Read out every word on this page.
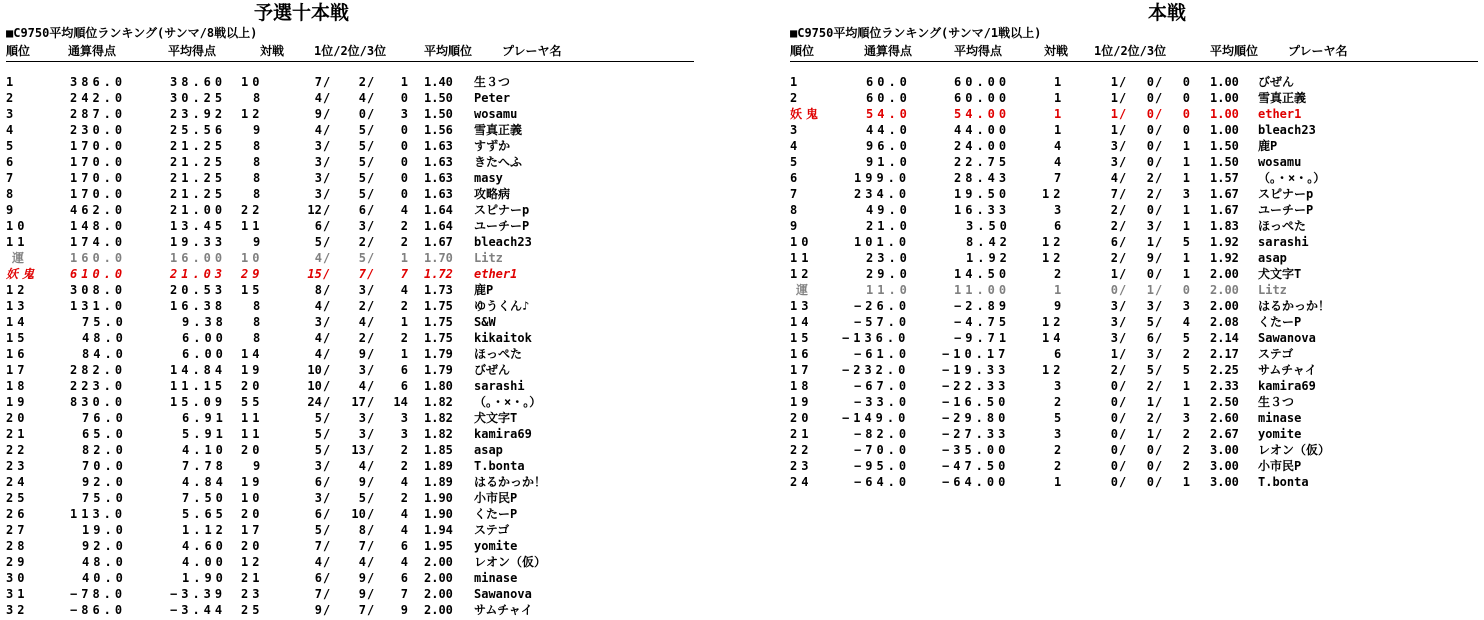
予選十本戦
■C9750平均順位ランキング(サンマ/8戦以上)
順位	通算得点	平均得点	対戦 1位/2位/3位	平均順位 プレーヤ名
1	386.0	38.60 10	7 / 2 / 1 1.40 生３つ
2	242.0	30.25 8	4 / 4 / 0 1.50 Peter
3	287.0	23.92 12	9 / 0 / 3 1.50 wosamu
4	230.0	25.56 9	4 / 5 / 0 1.56 雪真正義
5	170.0	21.25 8	3 / 5 / 0 1.63 すずか
6	170.0	21.25 8	3 / 5 / 0 1.63 きたへふ
7	170.0	21.25 8	3 / 5 / 0 1.63 masy
8	170.0	21.25 8	3 / 5 / 0 1.63 攻略病
9	462.0	21.00 22	12 / 6 / 4 1.64 スピナーp
10	148.0	13.45 11	6 / 3 / 2 1.64 ユーチーP
11	174.0	19.33 9	5 / 2 / 2 1.67 bleach23
運	160.0	16.00 10	4 / 5 / 1 1.70 Litz
妖鬼	610.0	21.03 29	15 / 7 / 7 1.72 ether1
12	308.0	20.53 15	8 / 3 / 4 1.73 鹿P
13	131.0	16.38 8	4 / 2 / 2 1.75 ゆうくん♪
14	75.0	9.38 8	3 / 4 / 1 1.75 S&W
15	48.0	6.00 8	4 / 2 / 2 1.75 kikaitok
16	84.0	6.00 14	4 / 9 / 1 1.79 ほっぺた
17	282.0	14.84 19	10 / 3 / 6 1.79 びぜん
18	223.0	11.15 20	10 / 4 / 6 1.80 sarashi
19	830.0	15.09 55	24 / 17 / 14 1.82 （。・×・。）
20	76.0	6.91 11	5 / 3 / 3 1.82 犬文字T
21	65.0	5.91 11	5 / 3 / 3 1.82 kamira69
22	82.0	4.10 20	5 / 13 / 2 1.85 asap
23	70.0	7.78 9	3 / 4 / 2 1.89 T.bonta
24	92.0	4.84 19	6 / 9 / 4 1.89 はるかっか！
25	75.0	7.50 10	3 / 5 / 2 1.90 小市民P
26	113.0	5.65 20	6 / 10 / 4 1.90 くたーP
27	19.0	1.12 17	5 / 8 / 4 1.94 ステゴ
28	92.0	4.60 20	7 / 7 / 6 1.95 yomite
29	48.0	4.00 12	4 / 4 / 4 2.00 レオン（仮）
30	40.0	1.90 21	6 / 9 / 6 2.00 minase
31	−78.0	−3.39 23	7 / 9 / 7 2.00 Sawanova
32	−86.0	−3.44 25	9 / 7 / 9 2.00 サムチャイ
本戦
■C9750平均順位ランキング(サンマ/1戦以上)
順位	通算得点	平均得点	対戦 1位/2位/3位	平均順位 プレーヤ名
1	60.0	60.00	1	1 / 0 / 0 1.00 びぜん
2	60.0	60.00	1	1 / 0 / 0 1.00 雪真正義
妖鬼	54.0	54.00	1	1 / 0 / 0 1.00 ether1
3	44.0	44.00	1	1 / 0 / 0 1.00 bleach23
4	96.0	24.00	4	3 / 0 / 1 1.50 鹿P
5	91.0	22.75	4	3 / 0 / 1 1.50 wosamu
6	199.0	28.43	7	4 / 2 / 1 1.57 （。・×・。）
7	234.0	19.50	12	7 / 2 / 3 1.67 スピナーp
8	49.0	16.33	3	2 / 0 / 1 1.67 ユーチーP
9	21.0	3.50	6	2 / 3 / 1 1.83 ほっぺた
10	101.0	8.42	12	6 / 1 / 5 1.92 sarashi
11	23.0	1.92	12	2 / 9 / 1 1.92 asap
12	29.0	14.50	2	1 / 0 / 1 2.00 犬文字T
運	11.0	11.00	1	0 / 1 / 0 2.00 Litz
13	−26.0	−2.89	9	3 / 3 / 3 2.00 はるかっか！
14	−57.0	−4.75	12	3 / 5 / 4 2.08 くたーP
15 −136.0	−9.71	14	3 / 6 / 5 2.14 Sawanova
16	−61.0	−10.17	6	1 / 3 / 2 2.17 ステゴ
17 −232.0	−19.33	12	2 / 5 / 5 2.25 サムチャイ
18	−67.0	−22.33	3	0 / 2 / 1 2.33 kamira69
19	−33.0	−16.50	2	0 / 1 / 1 2.50 生３つ
20 −149.0	−29.80	5	0 / 2 / 3 2.60 minase
21	−82.0	−27.33	3	0 / 1 / 2 2.67 yomite
22	−70.0	−35.00	2	0 / 0 / 2 3.00 レオン（仮）
23	−95.0	−47.50	2	0 / 0 / 2 3.00 小市民P
24	−64.0	−64.00	1	0 / 0 / 1 3.00 T.bonta
